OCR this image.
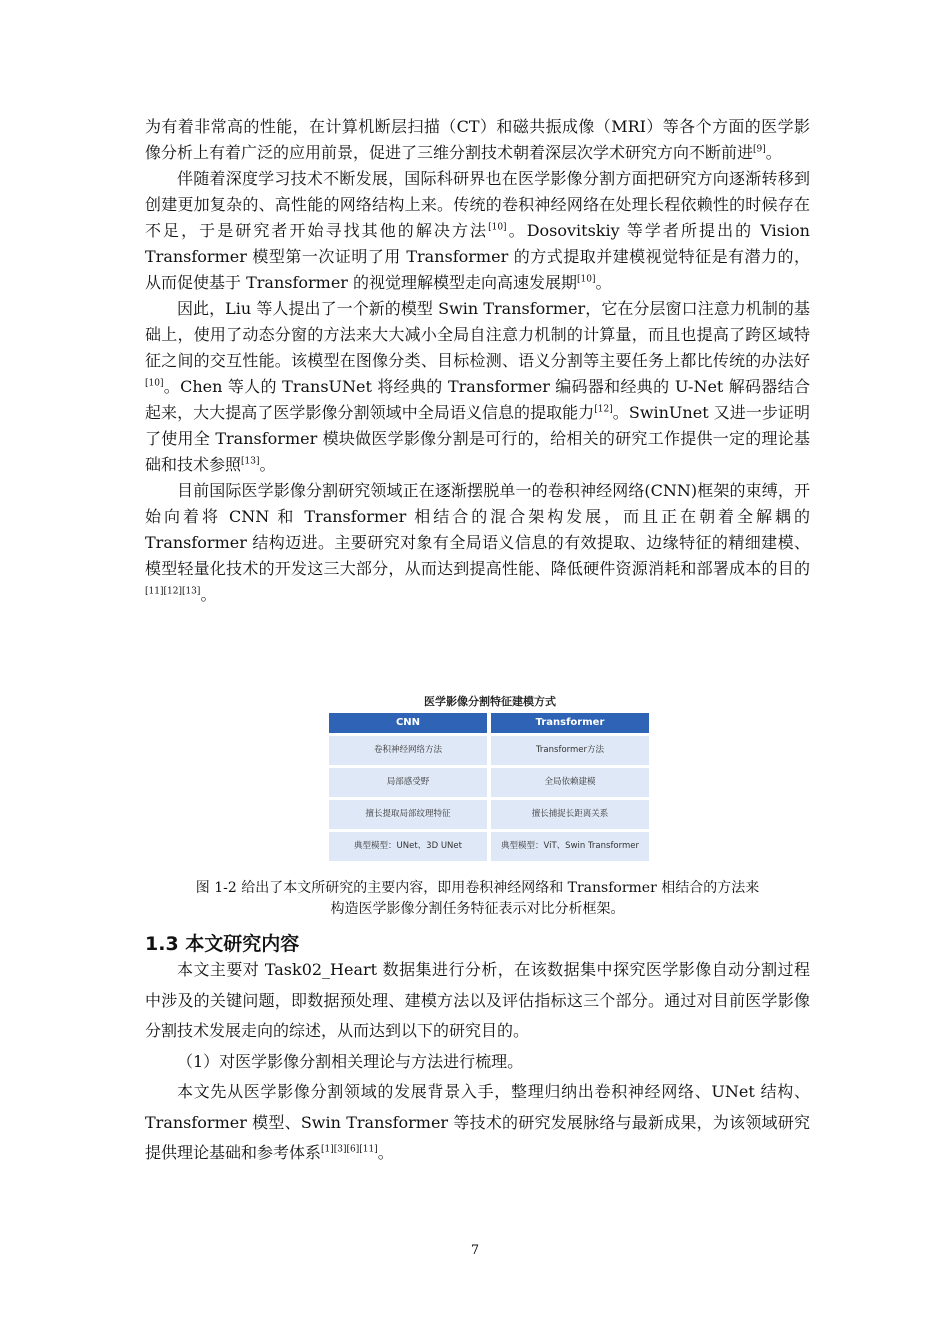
为有着非常高的性能，在计算机断层扫描（CT）和磁共振成像（MRI）等各个方面的医学影像分析上有着广泛的应用前景，促进了三维分割技术朝着深层次学术研究方向不断前进[9]。

伴随着深度学习技术不断发展，国际科研界也在医学影像分割方面把研究方向逐渐转移到创建更加复杂的、高性能的网络结构上来。传统的卷积神经网络在处理长程依赖性的时候存在不足，于是研究者开始寻找其他的解决方法[10]。Dosovitskiy 等学者所提出的 Vision Transformer 模型第一次证明了用 Transformer 的方式提取并建模视觉特征是有潜力的，从而促使基于 Transformer 的视觉理解模型走向高速发展期[10]。

因此，Liu 等人提出了一个新的模型 Swin Transformer，它在分层窗口注意力机制的基础上，使用了动态分窗的方法来大大减小全局自注意力机制的计算量，而且也提高了跨区域特征之间的交互性能。该模型在图像分类、目标检测、语义分割等主要任务上都比传统的办法好[10]。Chen 等人的 TransUNet 将经典的 Transformer 编码器和经典的 U-Net 解码器结合起来，大大提高了医学影像分割领域中全局语义信息的提取能力[12]。SwinUnet 又进一步证明了使用全 Transformer 模块做医学影像分割是可行的，给相关的研究工作提供一定的理论基础和技术参照[13]。

目前国际医学影像分割研究领域正在逐渐摆脱单一的卷积神经网络(CNN)框架的束缚，开始向着将 CNN 和 Transformer 相结合的混合架构发展，而且正在朝着全解耦的 Transformer 结构迈进。主要研究对象有全局语义信息的有效提取、边缘特征的精细建模、模型轻量化技术的开发这三大部分，从而达到提高性能、降低硬件资源消耗和部署成本的目的[11][12][13]。

医学影像分割特征建模方式
CNN	Transformer
卷积神经网络方法	Transformer方法
局部感受野	全局依赖建模
擅长提取局部纹理特征	擅长捕捉长距离关系
典型模型：UNet、3D UNet	典型模型：ViT、Swin Transformer
图 1-2 给出了本文所研究的主要内容，即用卷积神经网络和 Transformer 相结合的方法来
构造医学影像分割任务特征表示对比分析框架。
1.3 本文研究内容

本文主要对 Task02_Heart 数据集进行分析，在该数据集中探究医学影像自动分割过程中涉及的关键问题，即数据预处理、建模方法以及评估指标这三个部分。通过对目前医学影像分割技术发展走向的综述，从而达到以下的研究目的。

（1）对医学影像分割相关理论与方法进行梳理。

本文先从医学影像分割领域的发展背景入手，整理归纳出卷积神经网络、UNet 结构、Transformer 模型、Swin Transformer 等技术的研究发展脉络与最新成果，为该领域研究提供理论基础和参考体系[1][3][6][11]。

7
